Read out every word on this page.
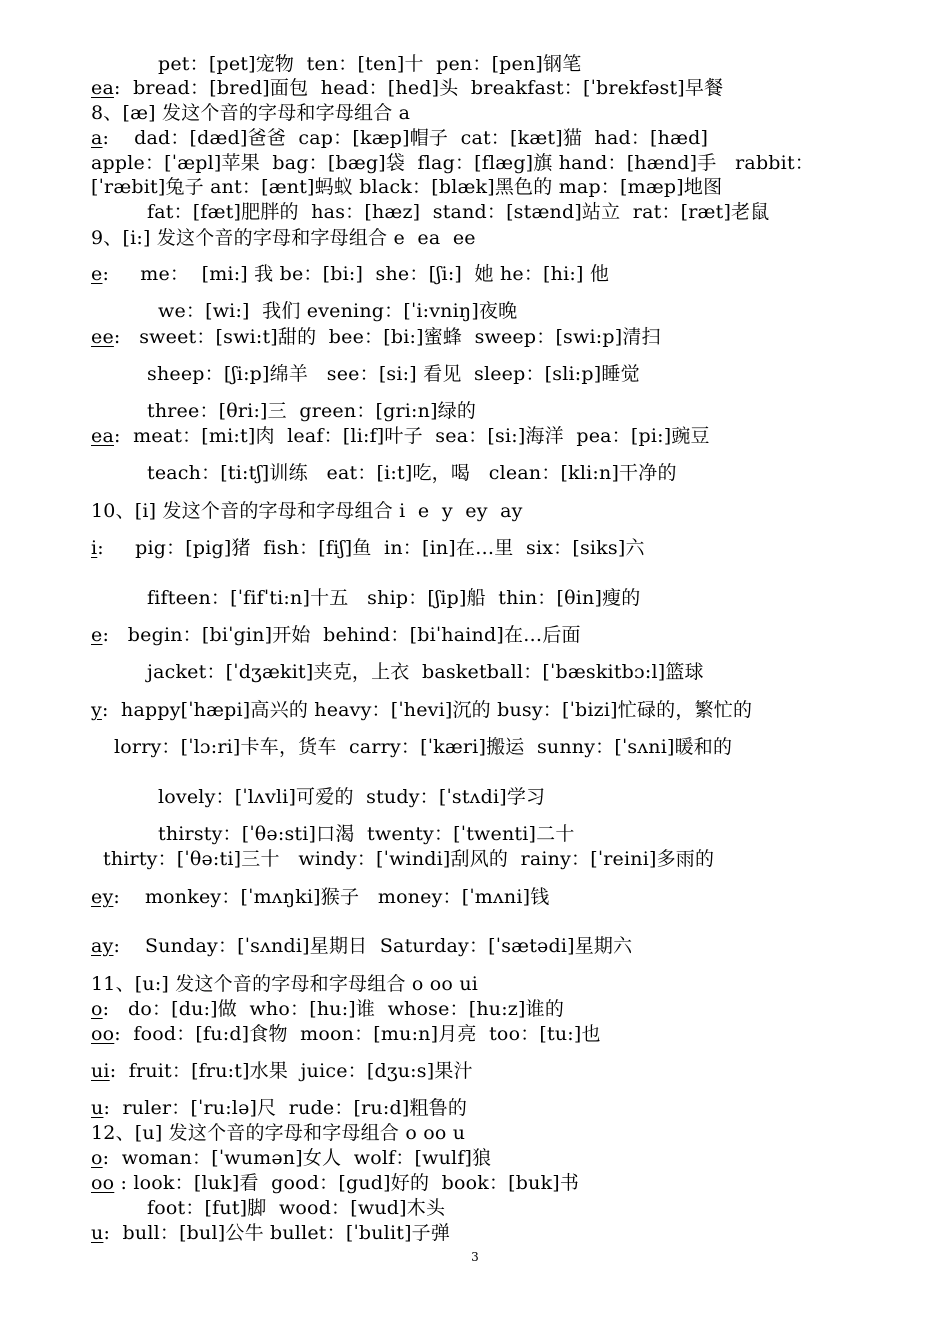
pet：[pet]宠物  ten：[ten]十  pen：[pen]钢笔
ea:  bread：[bred]面包  head：[hed]头  breakfast：[ˈbrekfəst]早餐
8、[æ] 发这个音的字母和字母组合 a
a:    dad：[dæd]爸爸  cap：[kæp]帽子  cat：[kæt]猫  had：[hæd]
apple：[ˈæpl]苹果  bag：[bæg]袋  flag：[flæg]旗 hand：[hænd]手   rabbit：
[ˈræbit]兔子 ant：[ænt]蚂蚁 black：[blæk]黑色的 map：[mæp]地图
fat：[fæt]肥胖的  has：[hæz]  stand：[stænd]站立  rat：[ræt]老鼠
9、[i:] 发这个音的字母和字母组合 e  ea  ee
e:     me：  [mi:] 我 be：[bi:]  she：[ʃi:]  她 he：[hi:] 他
we：[wi:]  我们 evening：[ˈi:vniŋ]夜晚
ee:   sweet：[swi:t]甜的  bee：[bi:]蜜蜂  sweep：[swi:p]清扫
sheep：[ʃi:p]绵羊   see：[si:] 看见  sleep：[sli:p]睡觉
three：[θri:]三  green：[gri:n]绿的
ea:  meat：[mi:t]肉  leaf：[li:f]叶子  sea：[si:]海洋  pea：[pi:]豌豆
teach：[ti:tʃ]训练   eat：[i:t]吃，喝   clean：[kli:n]干净的
10、[i] 发这个音的字母和字母组合 i  e  y  ey  ay
i:     pig：[pig]猪  fish：[fiʃ]鱼  in：[in]在…里  six：[siks]六
fifteen：[ˈfifˈti:n]十五   ship：[ʃip]船  thin：[θin]瘦的
e:   begin：[biˈgin]开始  behind：[biˈhaind]在…后面
jacket：[ˈdʒækit]夹克，上衣  basketball：[ˈbæskitbɔ:l]篮球
y:  happy[ˈhæpi]高兴的 heavy：[ˈhevi]沉的 busy：[ˈbizi]忙碌的，繁忙的
lorry：[ˈlɔ:ri]卡车，货车  carry：[ˈkæri]搬运  sunny：[ˈsʌni]暖和的
lovely：[ˈlʌvli]可爱的  study：[ˈstʌdi]学习
thirsty：[ˈθə:sti]口渴  twenty：[ˈtwenti]二十
thirty：[ˈθə:ti]三十   windy：[ˈwindi]刮风的  rainy：[ˈreini]多雨的
ey:    monkey：[ˈmʌŋki]猴子   money：[ˈmʌni]钱
ay:    Sunday：[ˈsʌndi]星期日  Saturday：[ˈsætədi]星期六
11、[u:] 发这个音的字母和字母组合 o oo ui
o:   do：[du:]做  who：[hu:]谁  whose：[hu:z]谁的
oo:  food：[fu:d]食物  moon：[mu:n]月亮  too：[tu:]也
ui:  fruit：[fru:t]水果  juice：[dʒu:s]果汁
u:  ruler：[ˈru:lə]尺  rude：[ru:d]粗鲁的
12、[u] 发这个音的字母和字母组合 o oo u
o:  woman：[ˈwumən]女人  wolf：[wulf]狼
oo : look：[luk]看  good：[gud]好的  book：[buk]书
foot：[fut]脚  wood：[wud]木头
u:  bull：[bul]公牛 bullet：[ˈbulit]子弹
3
